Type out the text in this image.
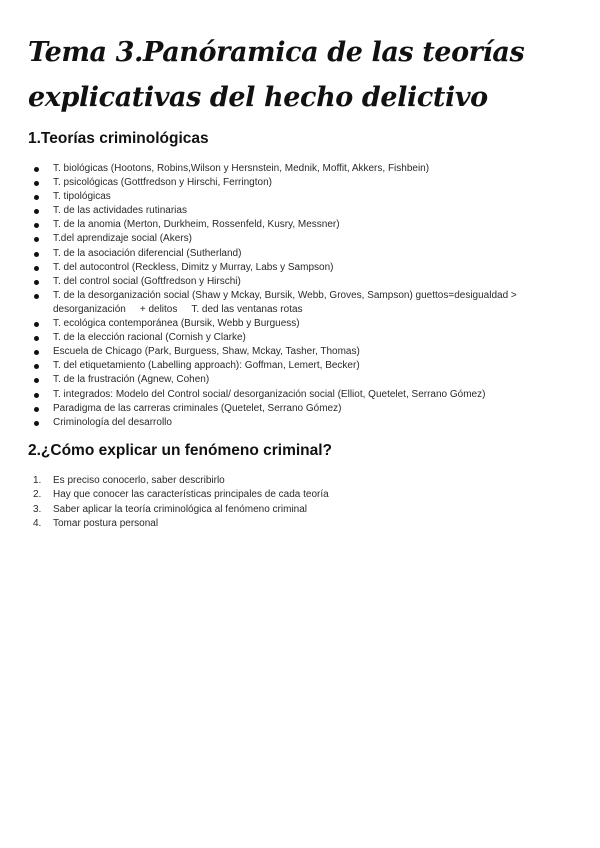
Tema 3.Panóramica de las teorías explicativas del hecho delictivo
1.Teorías criminológicas
T. biológicas (Hootons, Robins,Wilson y Hersnstein, Mednik, Moffit, Akkers, Fishbein)
T. psicológicas (Gottfredson y Hirschi, Ferrington)
T. tipológicas
T. de las actividades rutinarias
T. de la anomia (Merton, Durkheim, Rossenfeld, Kusry, Messner)
T.del aprendizaje social (Akers)
T. de la asociación diferencial (Sutherland)
T. del autocontrol (Reckless, Dimitz y Murray, Labs y Sampson)
T. del control social (Goftfredson y Hirschi)
T. de la desorganización social (Shaw y Mckay, Bursik, Webb, Groves, Sampson) guettos=desigualdad >
desorganización + delitos T. ded las ventanas rotas
T. ecológica contemporánea (Bursik, Webb y Burguess)
T. de la elección racional (Cornish y Clarke)
Escuela de Chicago (Park, Burguess, Shaw, Mckay, Tasher, Thomas)
T. del etiquetamiento (Labelling approach): Goffman, Lemert, Becker)
T. de la frustración (Agnew, Cohen)
T. integrados: Modelo del Control social/ desorganización social (Elliot, Quetelet, Serrano Gómez)
Paradigma de las carreras criminales (Quetelet, Serrano Gómez)
Criminología del desarrollo
2.¿Cómo explicar un fenómeno criminal?
1. Es preciso conocerlo, saber describirlo
2. Hay que conocer las características principales de cada teoría
3. Saber aplicar la teoría criminológica al fenómeno criminal
4. Tomar postura personal
